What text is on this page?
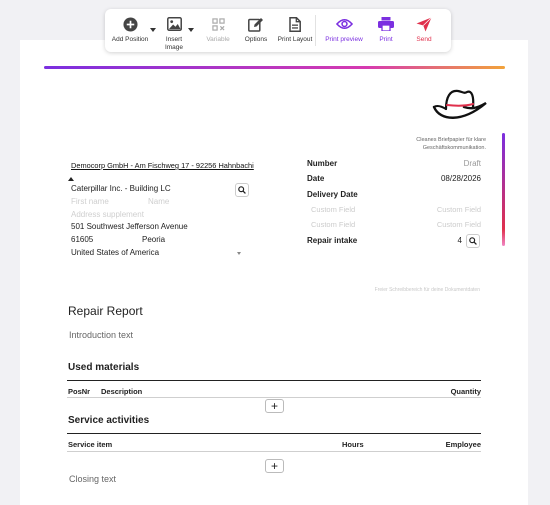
Add Position	Insert
Image
Variable Options Print Layout Print preview	Print	Send
Cleanes Briefpapier für klare
Geschäftskommunikation.
Democorp GmbH - Am Fischweg 17 - 92256 Hahnbachi
Caterpillar Inc. - Building LC
First name	Name
Address supplement
501 Southwest Jefferson Avenue
61605	Peoria
United States of America
Number	Draft
Date	08/28/2026
Delivery Date
Custom Field	Custom Field
Custom Field	Custom Field
Repair intake	4
Freier Schreibbereich für deine Dokumentdaten
Repair Report
Introduction text
Used materials
PosNr Description	Quantity
+
Service activities
Service item	Hours	Employee
+
Closing text
